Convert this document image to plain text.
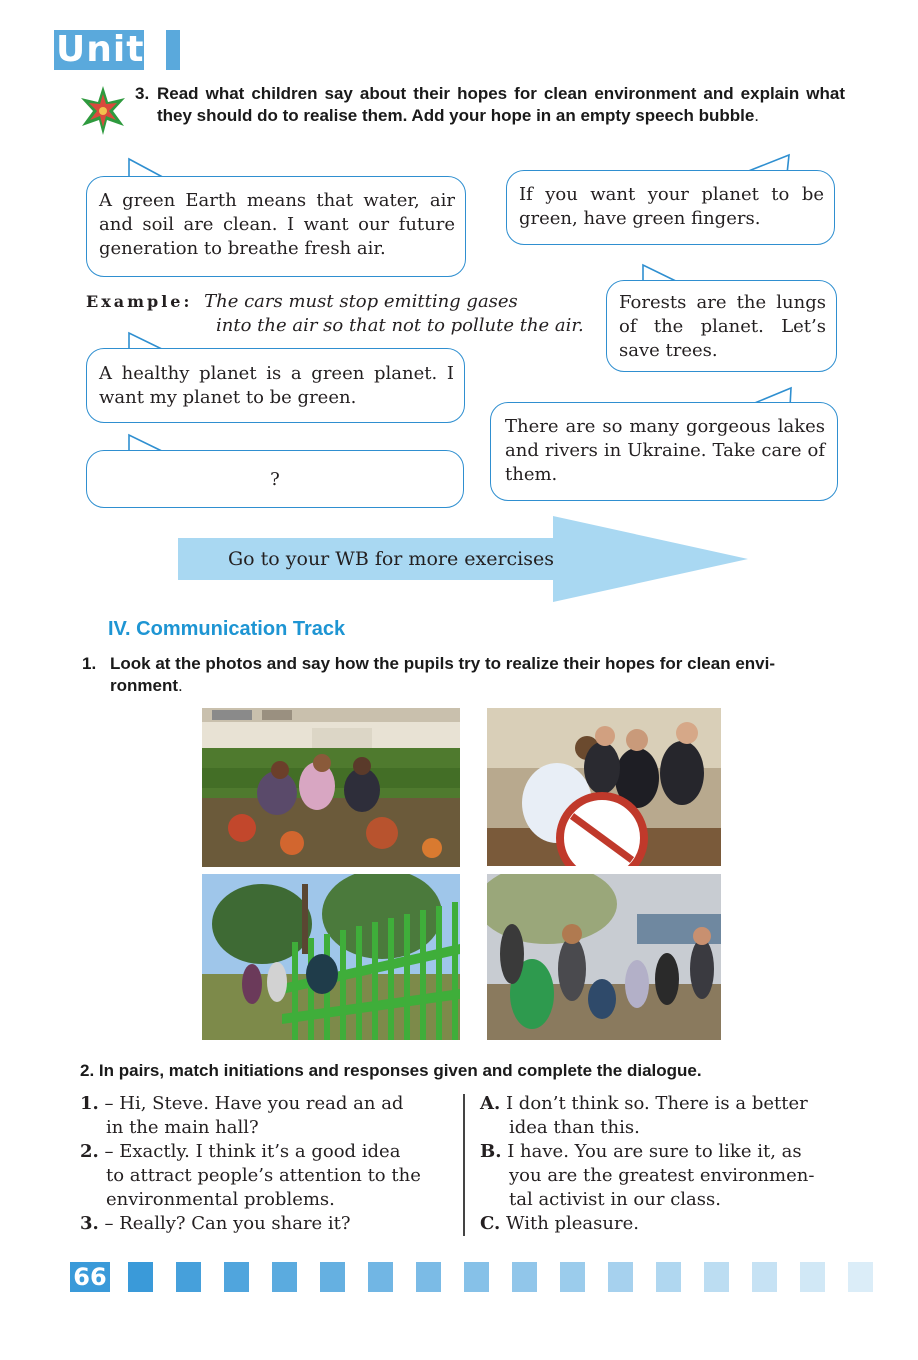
Unit2	3. Read what children say about their hopes for clean environment and explain what they should do to realise them. Add your hope in an empty speech bubble.
A green Earth means that water, air and soil are clean. I want our future generation to breathe fresh air.
If you want your planet to be green, have green fingers.
Forests are the lungs of the planet. Let’s save trees.
Example: The cars must stop emitting gases
into the air so that not to pollute the air.
A healthy planet is a green planet. I want my planet to be green.
There are so many gorgeous lakes and rivers in Ukraine. Take care of them.
?
Go to your WB for more exercises
IV. Communication Track
1. Look at the photos and say how the pupils try to realize their hopes for clean envi-
ronment.
2. In pairs, match initiations and responses given and complete the dialogue.
1. – Hi, Steve. Have you read an ad
in the main hall?
2. – Exactly. I think it’s a good idea
to attract people’s attention to the
environmental problems.
3. – Really? Can you share it?
A. I don’t think so. There is a better
idea than this.
B. I have. You are sure to like it, as
you are the greatest environmen-
tal activist in our class.
C. With pleasure.
66
